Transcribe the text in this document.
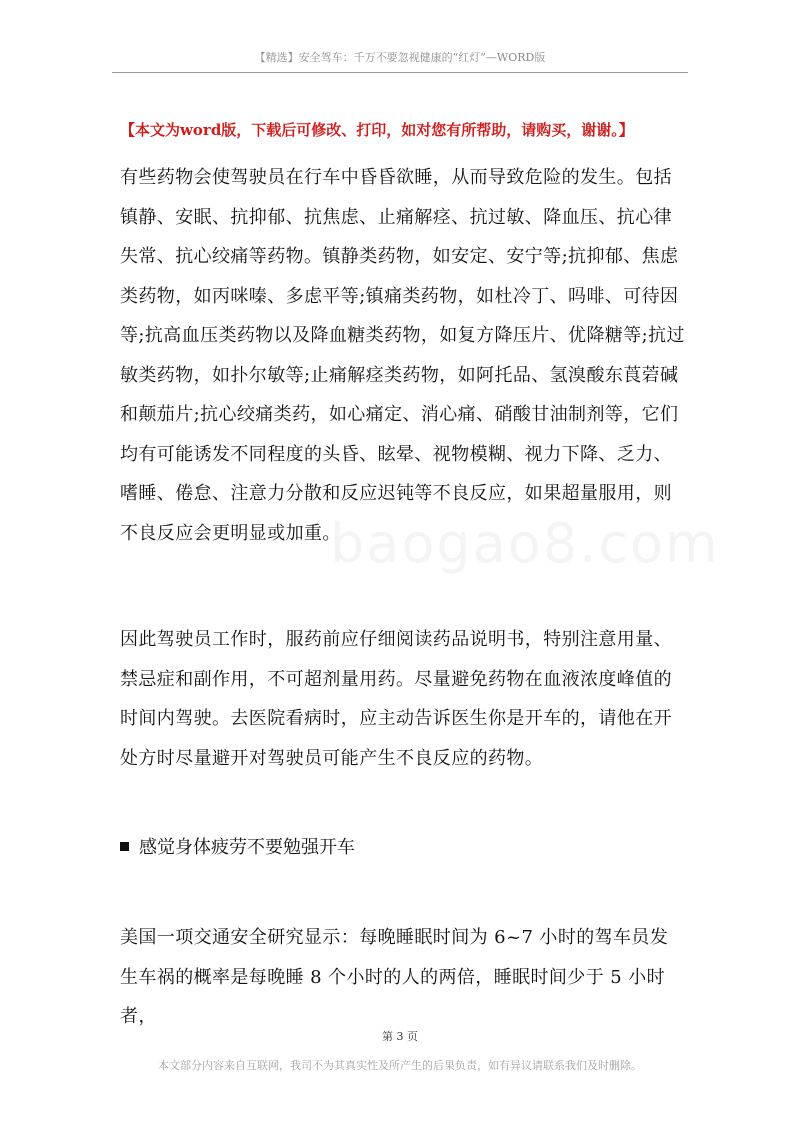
【精选】安全驾车：千万不要忽视健康的“红灯”—WORD版
【本文为word版，下载后可修改、打印，如对您有所帮助，请购买，谢谢。】

有些药物会使驾驶员在行车中昏昏欲睡，从而导致危险的发生。包括镇静、安眠、抗抑郁、抗焦虑、止痛解痉、抗过敏、降血压、抗心律失常、抗心绞痛等药物。镇静类药物，如安定、安宁等;抗抑郁、焦虑类药物，如丙咪嗪、多虑平等;镇痛类药物，如杜冷丁、吗啡、可待因等;抗高血压类药物以及降血糖类药物，如复方降压片、优降糖等;抗过敏类药物，如扑尔敏等;止痛解痉类药物，如阿托品、氢溴酸东莨菪碱和颠茄片;抗心绞痛类药，如心痛定、消心痛、硝酸甘油制剂等，它们均有可能诱发不同程度的头昏、眩晕、视物模糊、视力下降、乏力、嗜睡、倦怠、注意力分散和反应迟钝等不良反应，如果超量服用，则不良反应会更明显或加重。

baogao8.com

因此驾驶员工作时，服药前应仔细阅读药品说明书，特别注意用量、禁忌症和副作用，不可超剂量用药。尽量避免药物在血液浓度峰值的时间内驾驶。去医院看病时，应主动告诉医生你是开车的，请他在开处方时尽量避开对驾驶员可能产生不良反应的药物。

感觉身体疲劳不要勉强开车

美国一项交通安全研究显示：每晚睡眠时间为 6~7 小时的驾车员发生车祸的概率是每晚睡 8 个小时的人的两倍，睡眠时间少于 5 小时者，

第 3 页
本文部分内容来自互联网，我司不为其真实性及所产生的后果负责，如有异议请联系我们及时删除。
